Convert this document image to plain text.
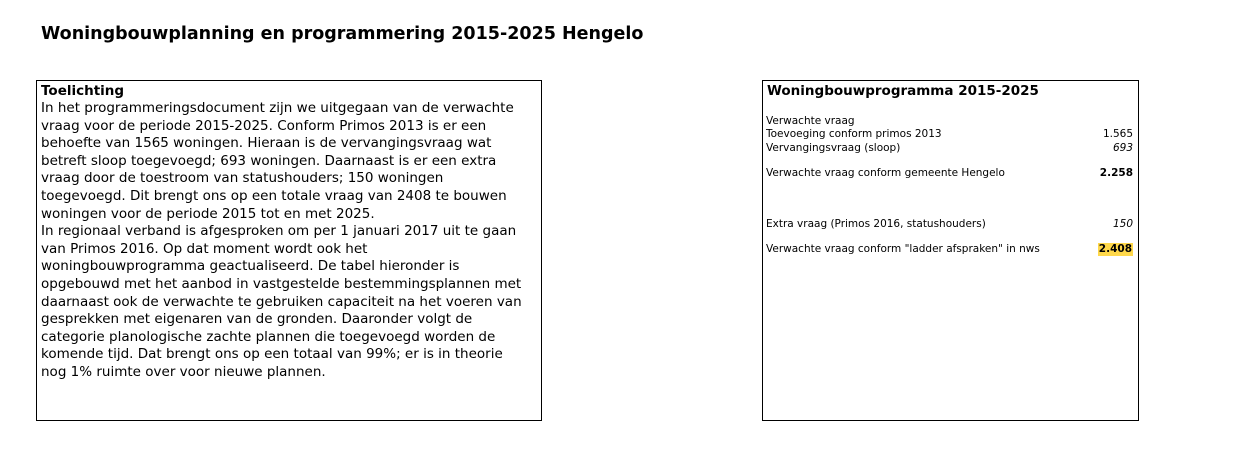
Woningbouwplanning en programmering 2015-2025 Hengelo
Toelichting
In het programmeringsdocument zijn we uitgegaan van de verwachte
vraag voor de periode 2015-2025. Conform Primos 2013 is er een
behoefte van 1565 woningen. Hieraan is de vervangingsvraag wat
betreft sloop toegevoegd; 693 woningen. Daarnaast is er een extra
vraag door de toestroom van statushouders; 150 woningen
toegevoegd. Dit brengt ons op een totale vraag van 2408 te bouwen
woningen voor de periode 2015 tot en met 2025.
In regionaal verband is afgesproken om per 1 januari 2017 uit te gaan
van Primos 2016. Op dat moment wordt ook het
woningbouwprogramma geactualiseerd. De tabel hieronder is
opgebouwd met het aanbod in vastgestelde bestemmingsplannen met
daarnaast ook de verwachte te gebruiken capaciteit na het voeren van
gesprekken met eigenaren van de gronden. Daaronder volgt de
categorie planologische zachte plannen die toegevoegd worden de
komende tijd. Dat brengt ons op een totaal van 99%; er is in theorie
nog 1% ruimte over voor nieuwe plannen.
Woningbouwprogramma 2015-2025
Verwachte vraag
Toevoeging conform primos 2013	1.565
Vervangingsvraag (sloop)	693
Verwachte vraag conform gemeente Hengelo	2.258
Extra vraag (Primos 2016, statushouders)	150
Verwachte vraag conform "ladder afspraken" in nws	2.408
